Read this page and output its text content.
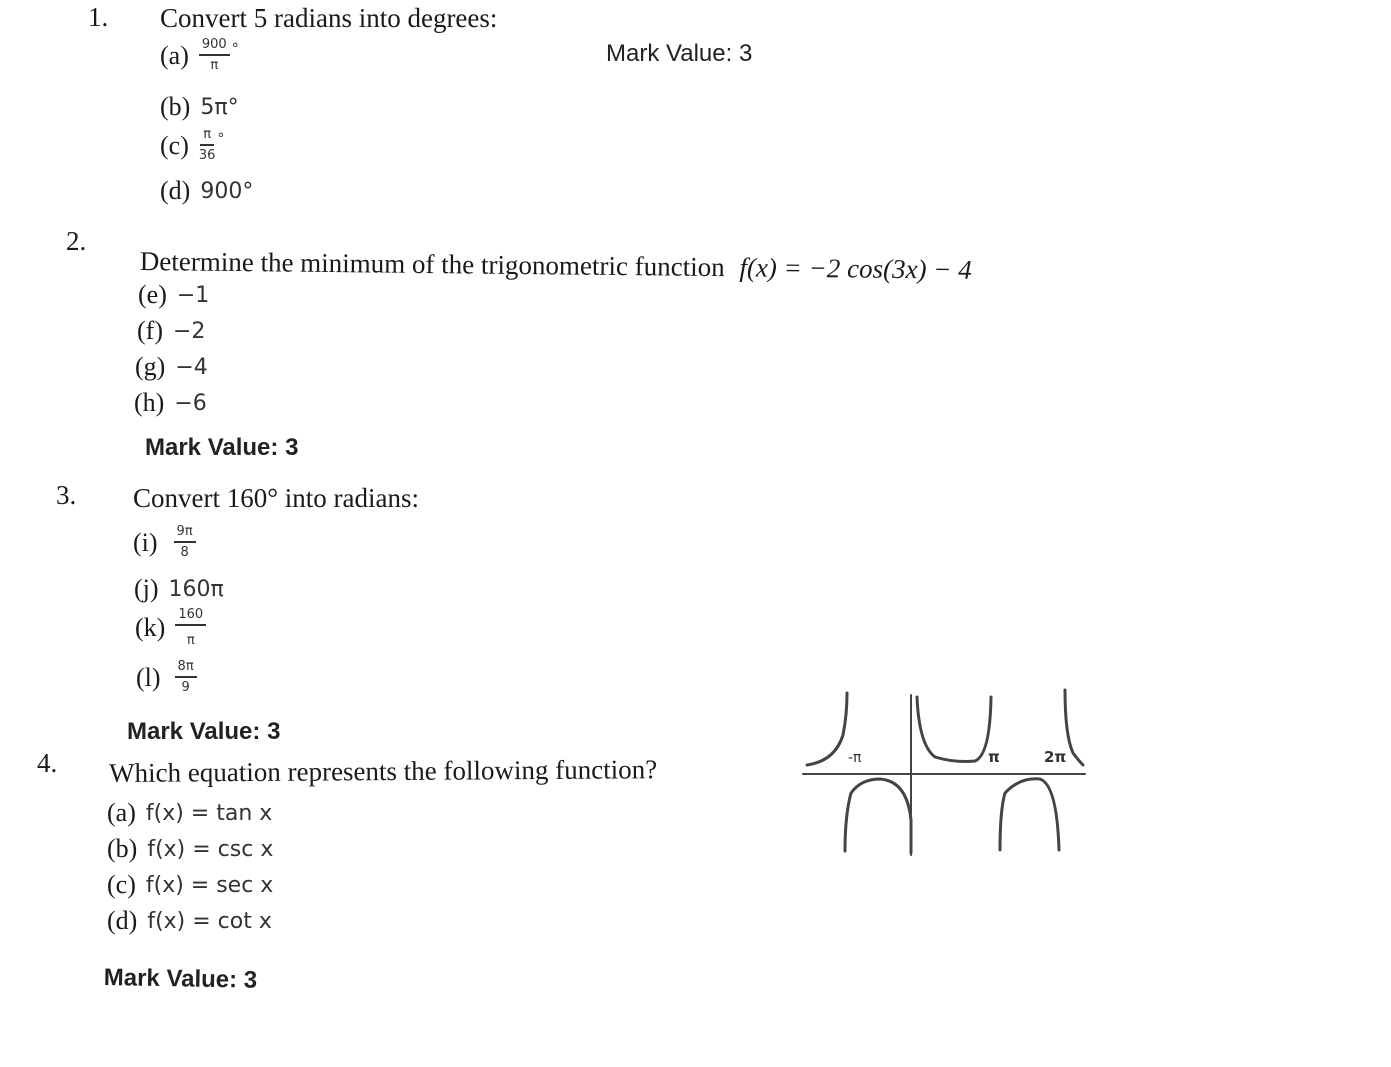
1. Convert 5 radians into degrees:
Mark Value: 3
$(a) \frac{900}{\pi}$ °
(b) 5π°
$(c) \frac{\pi}{36}$ °
(d) 900°
2.
Determine the minimum of the trigonometric function f(x) = −2 cos(3x) − 4
(e) −1
(f) −2
(g) −4
(h) −6
Mark Value: 3
3. Convert 160° into radians:
$(i) \frac{9\pi}{8}$
(j) 160π
$(k) \frac{160}{\pi}$
$(l) \frac{8\pi}{9}$
Mark Value: 3
4. Which equation represents the following function?
(a) f(x) = tan x
(b) f(x) = csc x
(c) f(x) = sec x
(d) f(x) = cot x
Mark Value: 3
-π	π	2π
